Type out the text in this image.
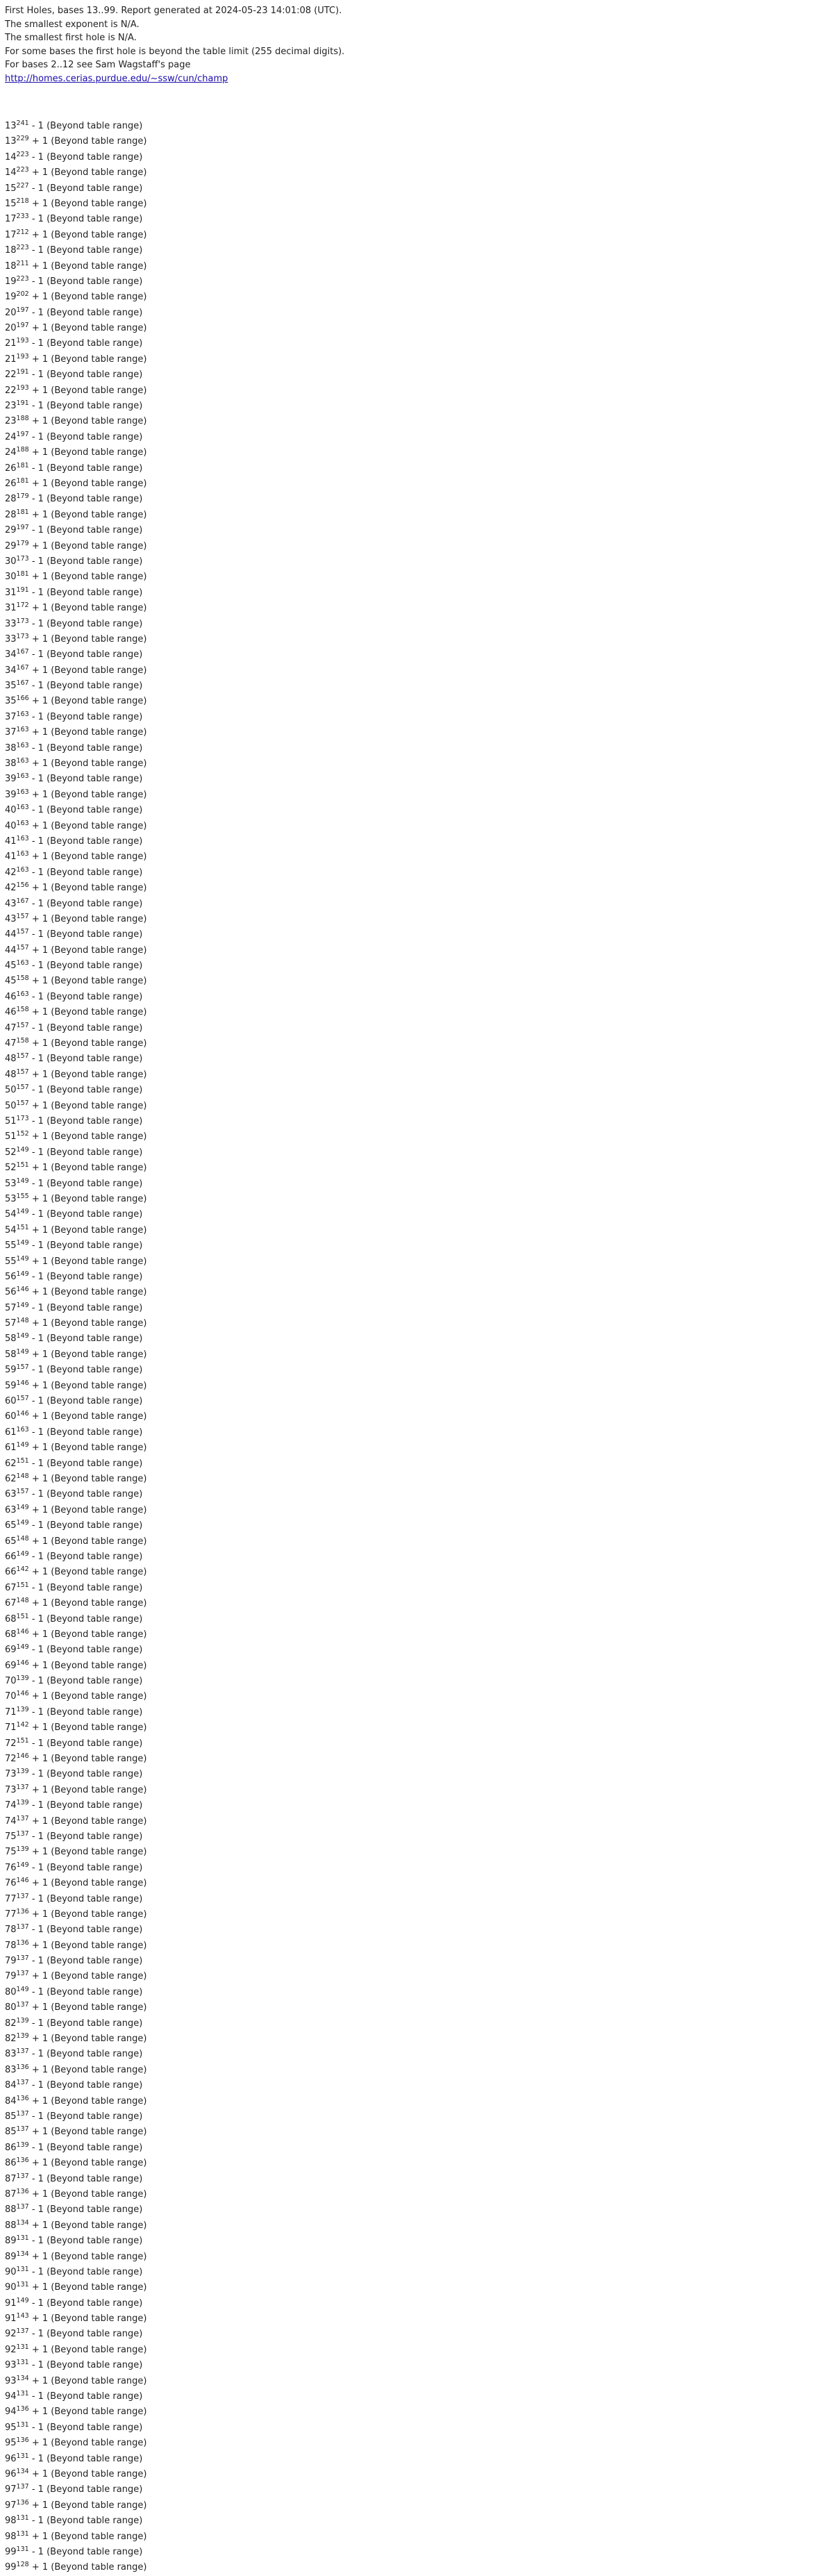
First Holes, bases 13..99. Report generated at 2024-05-23 14:01:08 (UTC).
The smallest exponent is N/A.
The smallest first hole is N/A.
For some bases the first hole is beyond the table limit (255 decimal digits).
For bases 2..12 see Sam Wagstaff's page
http://homes.cerias.purdue.edu/~ssw/cun/champ
$13^{241} - 1$ (Beyond table range)
$13^{229} + 1$ (Beyond table range)
$14^{223} - 1$ (Beyond table range)
$14^{223} + 1$ (Beyond table range)
$15^{227} - 1$ (Beyond table range)
$15^{218} + 1$ (Beyond table range)
$17^{233} - 1$ (Beyond table range)
$17^{212} + 1$ (Beyond table range)
$18^{223} - 1$ (Beyond table range)
$18^{211} + 1$ (Beyond table range)
$19^{223} - 1$ (Beyond table range)
$19^{202} + 1$ (Beyond table range)
$20^{197} - 1$ (Beyond table range)
$20^{197} + 1$ (Beyond table range)
$21^{193} - 1$ (Beyond table range)
$21^{193} + 1$ (Beyond table range)
$22^{191} - 1$ (Beyond table range)
$22^{193} + 1$ (Beyond table range)
$23^{191} - 1$ (Beyond table range)
$23^{188} + 1$ (Beyond table range)
$24^{197} - 1$ (Beyond table range)
$24^{188} + 1$ (Beyond table range)
$26^{181} - 1$ (Beyond table range)
$26^{181} + 1$ (Beyond table range)
$28^{179} - 1$ (Beyond table range)
$28^{181} + 1$ (Beyond table range)
$29^{197} - 1$ (Beyond table range)
$29^{179} + 1$ (Beyond table range)
$30^{173} - 1$ (Beyond table range)
$30^{181} + 1$ (Beyond table range)
$31^{191} - 1$ (Beyond table range)
$31^{172} + 1$ (Beyond table range)
$33^{173} - 1$ (Beyond table range)
$33^{173} + 1$ (Beyond table range)
$34^{167} - 1$ (Beyond table range)
$34^{167} + 1$ (Beyond table range)
$35^{167} - 1$ (Beyond table range)
$35^{166} + 1$ (Beyond table range)
$37^{163} - 1$ (Beyond table range)
$37^{163} + 1$ (Beyond table range)
$38^{163} - 1$ (Beyond table range)
$38^{163} + 1$ (Beyond table range)
$39^{163} - 1$ (Beyond table range)
$39^{163} + 1$ (Beyond table range)
$40^{163} - 1$ (Beyond table range)
$40^{163} + 1$ (Beyond table range)
$41^{163} - 1$ (Beyond table range)
$41^{163} + 1$ (Beyond table range)
$42^{163} - 1$ (Beyond table range)
$42^{156} + 1$ (Beyond table range)
$43^{167} - 1$ (Beyond table range)
$43^{157} + 1$ (Beyond table range)
$44^{157} - 1$ (Beyond table range)
$44^{157} + 1$ (Beyond table range)
$45^{163} - 1$ (Beyond table range)
$45^{158} + 1$ (Beyond table range)
$46^{163} - 1$ (Beyond table range)
$46^{158} + 1$ (Beyond table range)
$47^{157} - 1$ (Beyond table range)
$47^{158} + 1$ (Beyond table range)
$48^{157} - 1$ (Beyond table range)
$48^{157} + 1$ (Beyond table range)
$50^{157} - 1$ (Beyond table range)
$50^{157} + 1$ (Beyond table range)
$51^{173} - 1$ (Beyond table range)
$51^{152} + 1$ (Beyond table range)
$52^{149} - 1$ (Beyond table range)
$52^{151} + 1$ (Beyond table range)
$53^{149} - 1$ (Beyond table range)
$53^{155} + 1$ (Beyond table range)
$54^{149} - 1$ (Beyond table range)
$54^{151} + 1$ (Beyond table range)
$55^{149} - 1$ (Beyond table range)
$55^{149} + 1$ (Beyond table range)
$56^{149} - 1$ (Beyond table range)
$56^{146} + 1$ (Beyond table range)
$57^{149} - 1$ (Beyond table range)
$57^{148} + 1$ (Beyond table range)
$58^{149} - 1$ (Beyond table range)
$58^{149} + 1$ (Beyond table range)
$59^{157} - 1$ (Beyond table range)
$59^{146} + 1$ (Beyond table range)
$60^{157} - 1$ (Beyond table range)
$60^{146} + 1$ (Beyond table range)
$61^{163} - 1$ (Beyond table range)
$61^{149} + 1$ (Beyond table range)
$62^{151} - 1$ (Beyond table range)
$62^{148} + 1$ (Beyond table range)
$63^{157} - 1$ (Beyond table range)
$63^{149} + 1$ (Beyond table range)
$65^{149} - 1$ (Beyond table range)
$65^{148} + 1$ (Beyond table range)
$66^{149} - 1$ (Beyond table range)
$66^{142} + 1$ (Beyond table range)
$67^{151} - 1$ (Beyond table range)
$67^{148} + 1$ (Beyond table range)
$68^{151} - 1$ (Beyond table range)
$68^{146} + 1$ (Beyond table range)
$69^{149} - 1$ (Beyond table range)
$69^{146} + 1$ (Beyond table range)
$70^{139} - 1$ (Beyond table range)
$70^{146} + 1$ (Beyond table range)
$71^{139} - 1$ (Beyond table range)
$71^{142} + 1$ (Beyond table range)
$72^{151} - 1$ (Beyond table range)
$72^{146} + 1$ (Beyond table range)
$73^{139} - 1$ (Beyond table range)
$73^{137} + 1$ (Beyond table range)
$74^{139} - 1$ (Beyond table range)
$74^{137} + 1$ (Beyond table range)
$75^{137} - 1$ (Beyond table range)
$75^{139} + 1$ (Beyond table range)
$76^{149} - 1$ (Beyond table range)
$76^{146} + 1$ (Beyond table range)
$77^{137} - 1$ (Beyond table range)
$77^{136} + 1$ (Beyond table range)
$78^{137} - 1$ (Beyond table range)
$78^{136} + 1$ (Beyond table range)
$79^{137} - 1$ (Beyond table range)
$79^{137} + 1$ (Beyond table range)
$80^{149} - 1$ (Beyond table range)
$80^{137} + 1$ (Beyond table range)
$82^{139} - 1$ (Beyond table range)
$82^{139} + 1$ (Beyond table range)
$83^{137} - 1$ (Beyond table range)
$83^{136} + 1$ (Beyond table range)
$84^{137} - 1$ (Beyond table range)
$84^{136} + 1$ (Beyond table range)
$85^{137} - 1$ (Beyond table range)
$85^{137} + 1$ (Beyond table range)
$86^{139} - 1$ (Beyond table range)
$86^{136} + 1$ (Beyond table range)
$87^{137} - 1$ (Beyond table range)
$87^{136} + 1$ (Beyond table range)
$88^{137} - 1$ (Beyond table range)
$88^{134} + 1$ (Beyond table range)
$89^{131} - 1$ (Beyond table range)
$89^{134} + 1$ (Beyond table range)
$90^{131} - 1$ (Beyond table range)
$90^{131} + 1$ (Beyond table range)
$91^{149} - 1$ (Beyond table range)
$91^{143} + 1$ (Beyond table range)
$92^{137} - 1$ (Beyond table range)
$92^{131} + 1$ (Beyond table range)
$93^{131} - 1$ (Beyond table range)
$93^{134} + 1$ (Beyond table range)
$94^{131} - 1$ (Beyond table range)
$94^{136} + 1$ (Beyond table range)
$95^{131} - 1$ (Beyond table range)
$95^{136} + 1$ (Beyond table range)
$96^{131} - 1$ (Beyond table range)
$96^{134} + 1$ (Beyond table range)
$97^{137} - 1$ (Beyond table range)
$97^{136} + 1$ (Beyond table range)
$98^{131} - 1$ (Beyond table range)
$98^{131} + 1$ (Beyond table range)
$99^{131} - 1$ (Beyond table range)
$99^{128} + 1$ (Beyond table range)
